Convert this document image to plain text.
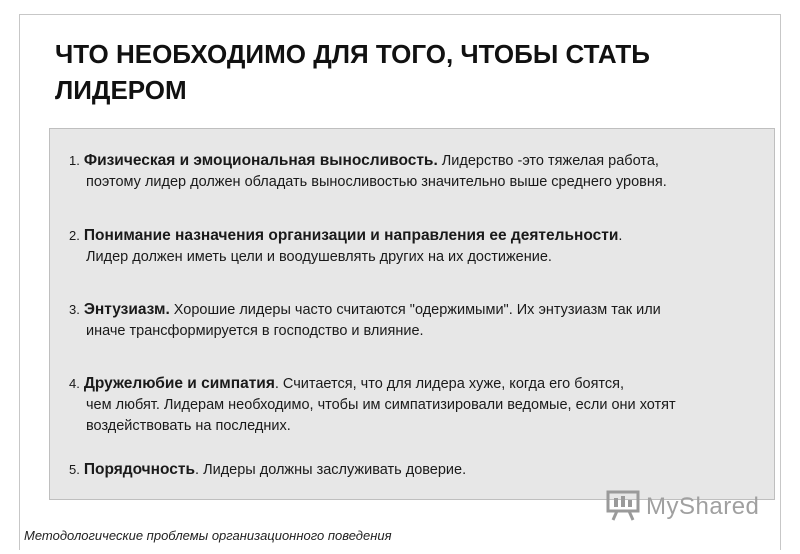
ЧТО НЕОБХОДИМО ДЛЯ ТОГО, ЧТОБЫ СТАТЬ ЛИДЕРОМ
1. Физическая и эмоциональная выносливость. Лидерство -это тяжелая работа,
поэтому лидер должен обладать выносливостью значительно выше среднего уровня.
2. Понимание назначения организации и направления ее деятельности.
Лидер должен иметь цели и воодушевлять других на их достижение.
3. Энтузиазм. Хорошие лидеры часто считаются "одержимыми". Их энтузиазм так или
иначе трансформируется в господство и влияние.
4. Дружелюбие и симпатия. Считается, что для лидера хуже, когда его боятся,
чем любят. Лидерам необходимо, чтобы им симпатизировали ведомые, если они хотят воздействовать на последних.
5. Порядочность. Лидеры должны заслуживать доверие.
Методологические проблемы организационного поведения
MyShared
